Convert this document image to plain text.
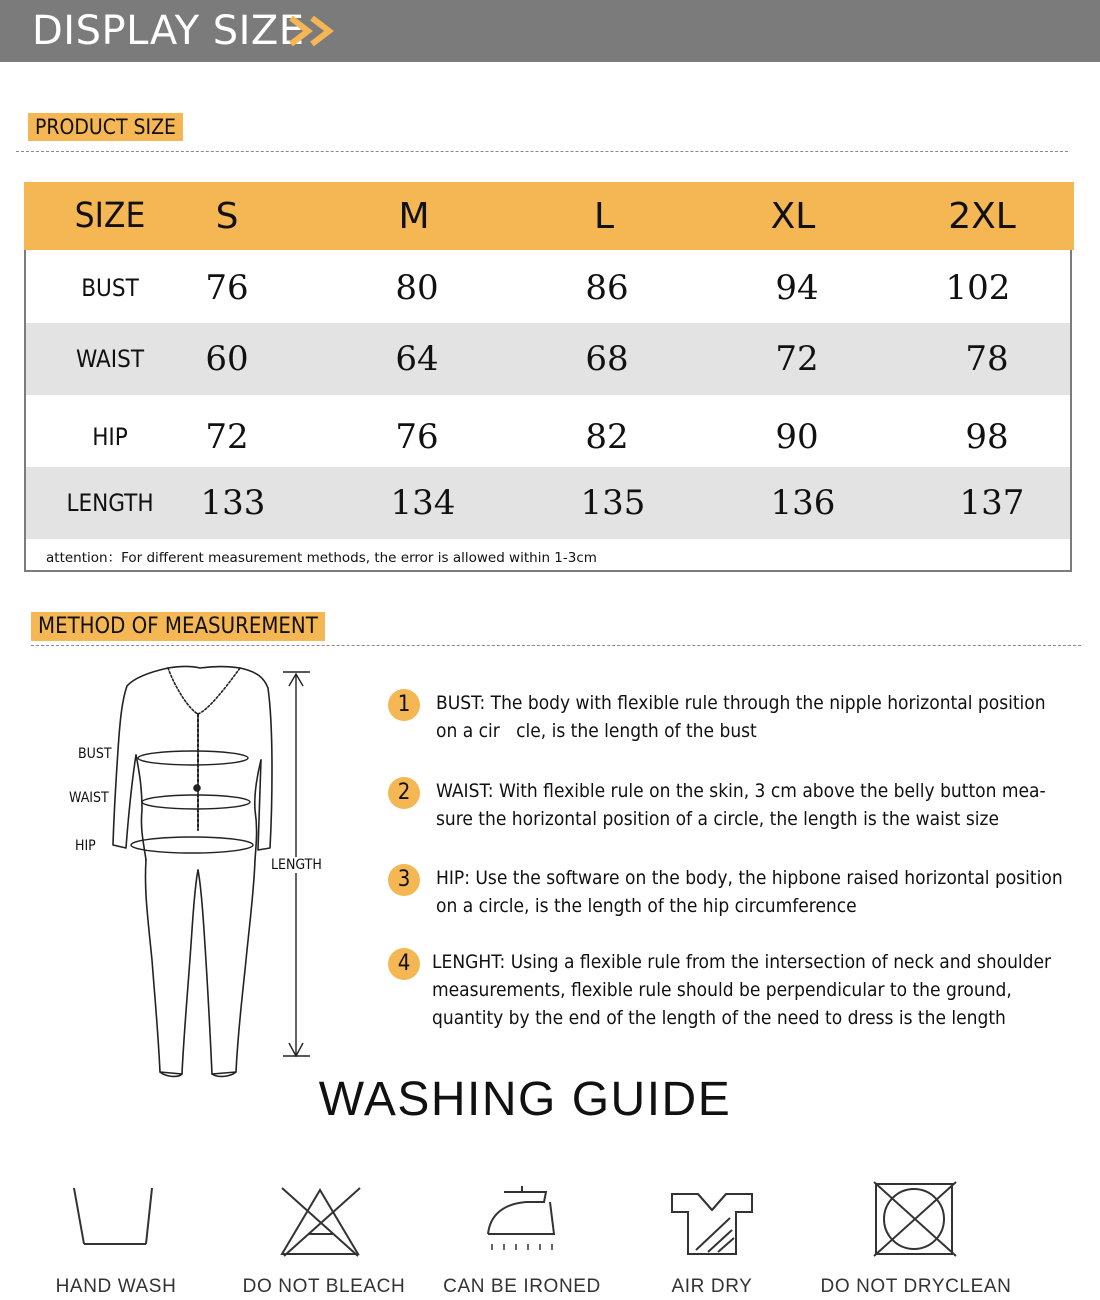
DISPLAY SIZE
PRODUCT SIZE
SIZE	S	M	L	XL	2XL
BUST	76	80	86	94	102
WAIST	60	64	68	72	78
HIP	72	76	82	90	98
LENGTH	133	134	135	136	137
attention：For different measurement methods, the error is allowed within 1-3cm
METHOD OF MEASUREMENT
BUST
WAIST
HIP
LENGTH
1	BUST: The body with flexible rule through the nipple horizontal position
on a cir   cle, is the length of the bust
2	WAIST: With flexible rule on the skin, 3 cm above the belly button mea-
sure the horizontal position of a circle, the length is the waist size
3	HIP: Use the software on the body, the hipbone raised horizontal position
on a circle, is the length of the hip circumference
4	LENGHT: Using a flexible rule from the intersection of neck and shoulder
measurements, flexible rule should be perpendicular to the ground,
quantity by the end of the length of the need to dress is the length
WASHING GUIDE
HAND WASH	DO NOT BLEACH	CAN BE IRONED	AIR DRY	DO NOT DRYCLEAN
